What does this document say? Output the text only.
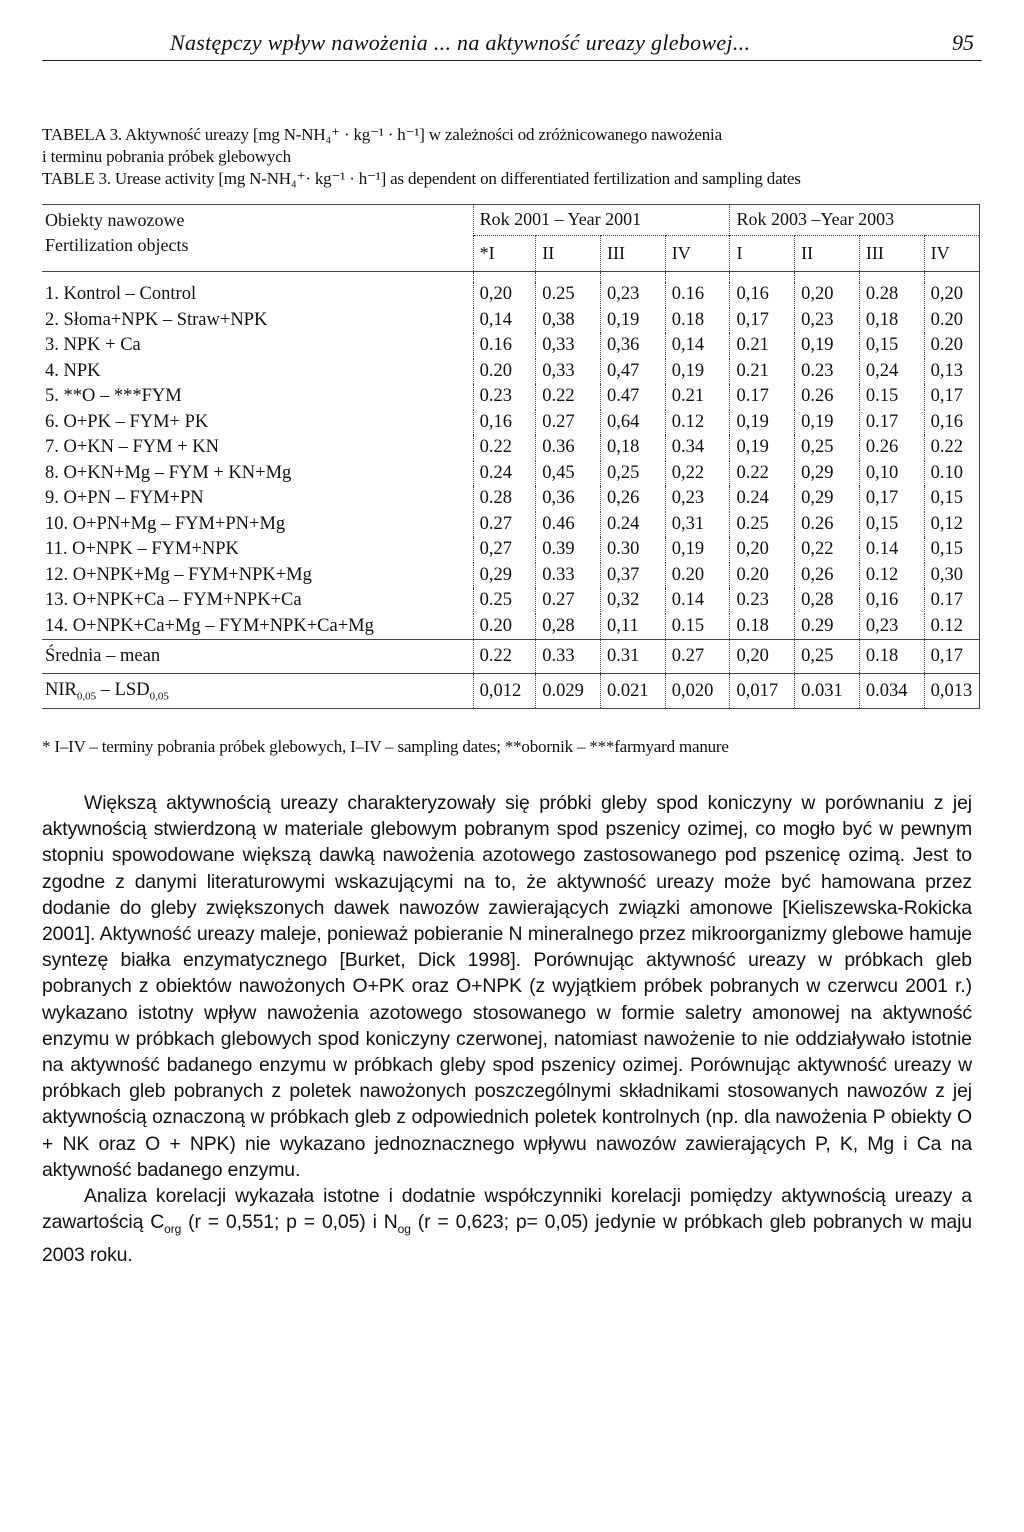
Następczy wpływ nawożenia ... na aktywność ureazy glebowej...	95
TABELA 3. Aktywność ureazy [mg N-NH₄⁺ · kg⁻¹ · h⁻¹] w zależności od zróżnicowanego nawożenia
i terminu pobrania próbek glebowych
TABLE 3. Urease activity [mg N-NH₄⁺· kg⁻¹ · h⁻¹] as dependent on differentiated fertilization and sampling dates
Obiekty nawozowe	Rok 2001 – Year 2001				Rok 2003 –Year 2003			
Fertilization objects	*I	II	III	IV	I	II	III	IV

1. Kontrol – Control	0,20	0.25	0,23	0.16	0,16	0,20	0.28	0,20
2. Słoma+NPK – Straw+NPK	0,14	0,38	0,19	0.18	0,17	0,23	0,18	0.20
3. NPK + Ca	0.16	0,33	0,36	0,14	0.21	0,19	0,15	0.20
4. NPK	0.20	0,33	0,47	0,19	0.21	0.23	0,24	0,13
5. **O – ***FYM	0.23	0.22	0.47	0.21	0.17	0.26	0.15	0,17
6. O+PK – FYM+ PK	0,16	0.27	0,64	0.12	0,19	0,19	0.17	0,16
7. O+KN – FYM + KN	0.22	0.36	0,18	0.34	0,19	0,25	0.26	0.22
8. O+KN+Mg – FYM + KN+Mg	0.24	0,45	0,25	0,22	0.22	0,29	0,10	0.10
9. O+PN – FYM+PN	0.28	0,36	0,26	0,23	0.24	0,29	0,17	0,15
10. O+PN+Mg – FYM+PN+Mg	0.27	0.46	0.24	0,31	0.25	0.26	0,15	0,12
11. O+NPK – FYM+NPK	0,27	0.39	0.30	0,19	0,20	0,22	0.14	0,15
12. O+NPK+Mg – FYM+NPK+Mg	0,29	0.33	0,37	0.20	0.20	0,26	0.12	0,30
13. O+NPK+Ca – FYM+NPK+Ca	0.25	0.27	0,32	0.14	0.23	0,28	0,16	0.17
14. O+NPK+Ca+Mg – FYM+NPK+Ca+Mg	0.20	0,28	0,11	0.15	0.18	0.29	0,23	0.12
Średnia – mean	0.22	0.33	0.31	0.27	0,20	0,25	0.18	0,17
$NIR_{0,05} - LSD_{0,05}$	0,012	0.029	0.021	0,020	0,017	0.031	0.034	0,013
* I–IV – terminy pobrania próbek glebowych, I–IV – sampling dates; **obornik – ***farmyard manure

Większą aktywnością ureazy charakteryzowały się próbki gleby spod koniczyny w porównaniu z jej aktywnością stwierdzoną w materiale glebowym pobranym spod pszenicy ozimej, co mogło być w pewnym stopniu spowodowane większą dawką nawożenia azotowego zastosowanego pod pszenicę ozimą. Jest to zgodne z danymi literaturowymi wskazującymi na to, że aktywność ureazy może być hamowana przez dodanie do gleby zwiększonych dawek nawozów zawierających związki amonowe [Kieliszewska-Rokicka 2001]. Aktywność ureazy maleje, ponieważ pobieranie N mineralnego przez mikroorganizmy glebowe hamuje syntezę białka enzymatycznego [Burket, Dick 1998]. Porównując aktywność ureazy w próbkach gleb pobranych z obiektów nawożonych O+PK oraz O+NPK (z wyjątkiem próbek pobranych w czerwcu 2001 r.) wykazano istotny wpływ nawożenia azotowego stosowanego w formie saletry amonowej na aktywność enzymu w próbkach glebowych spod koniczyny czerwonej, natomiast nawożenie to nie oddziaływało istotnie na aktywność badanego enzymu w próbkach gleby spod pszenicy ozimej. Porównując aktywność ureazy w próbkach gleb pobranych z poletek nawożonych poszczególnymi składnikami stosowanych nawozów z jej aktywnością oznaczoną w próbkach gleb z odpowiednich poletek kontrolnych (np. dla nawożenia P obiekty O + NK oraz O + NPK) nie wykazano jednoznacznego wpływu nawozów zawierających P, K, Mg i Ca na aktywność badanego enzymu.

Analiza korelacji wykazała istotne i dodatnie współczynniki korelacji pomiędzy aktywnością ureazy a zawartością $C_{org}$ (r = 0,551; p = 0,05) i $N_{og}$ (r = 0,623; p= 0,05) jedynie w próbkach gleb pobranych w maju 2003 roku.
